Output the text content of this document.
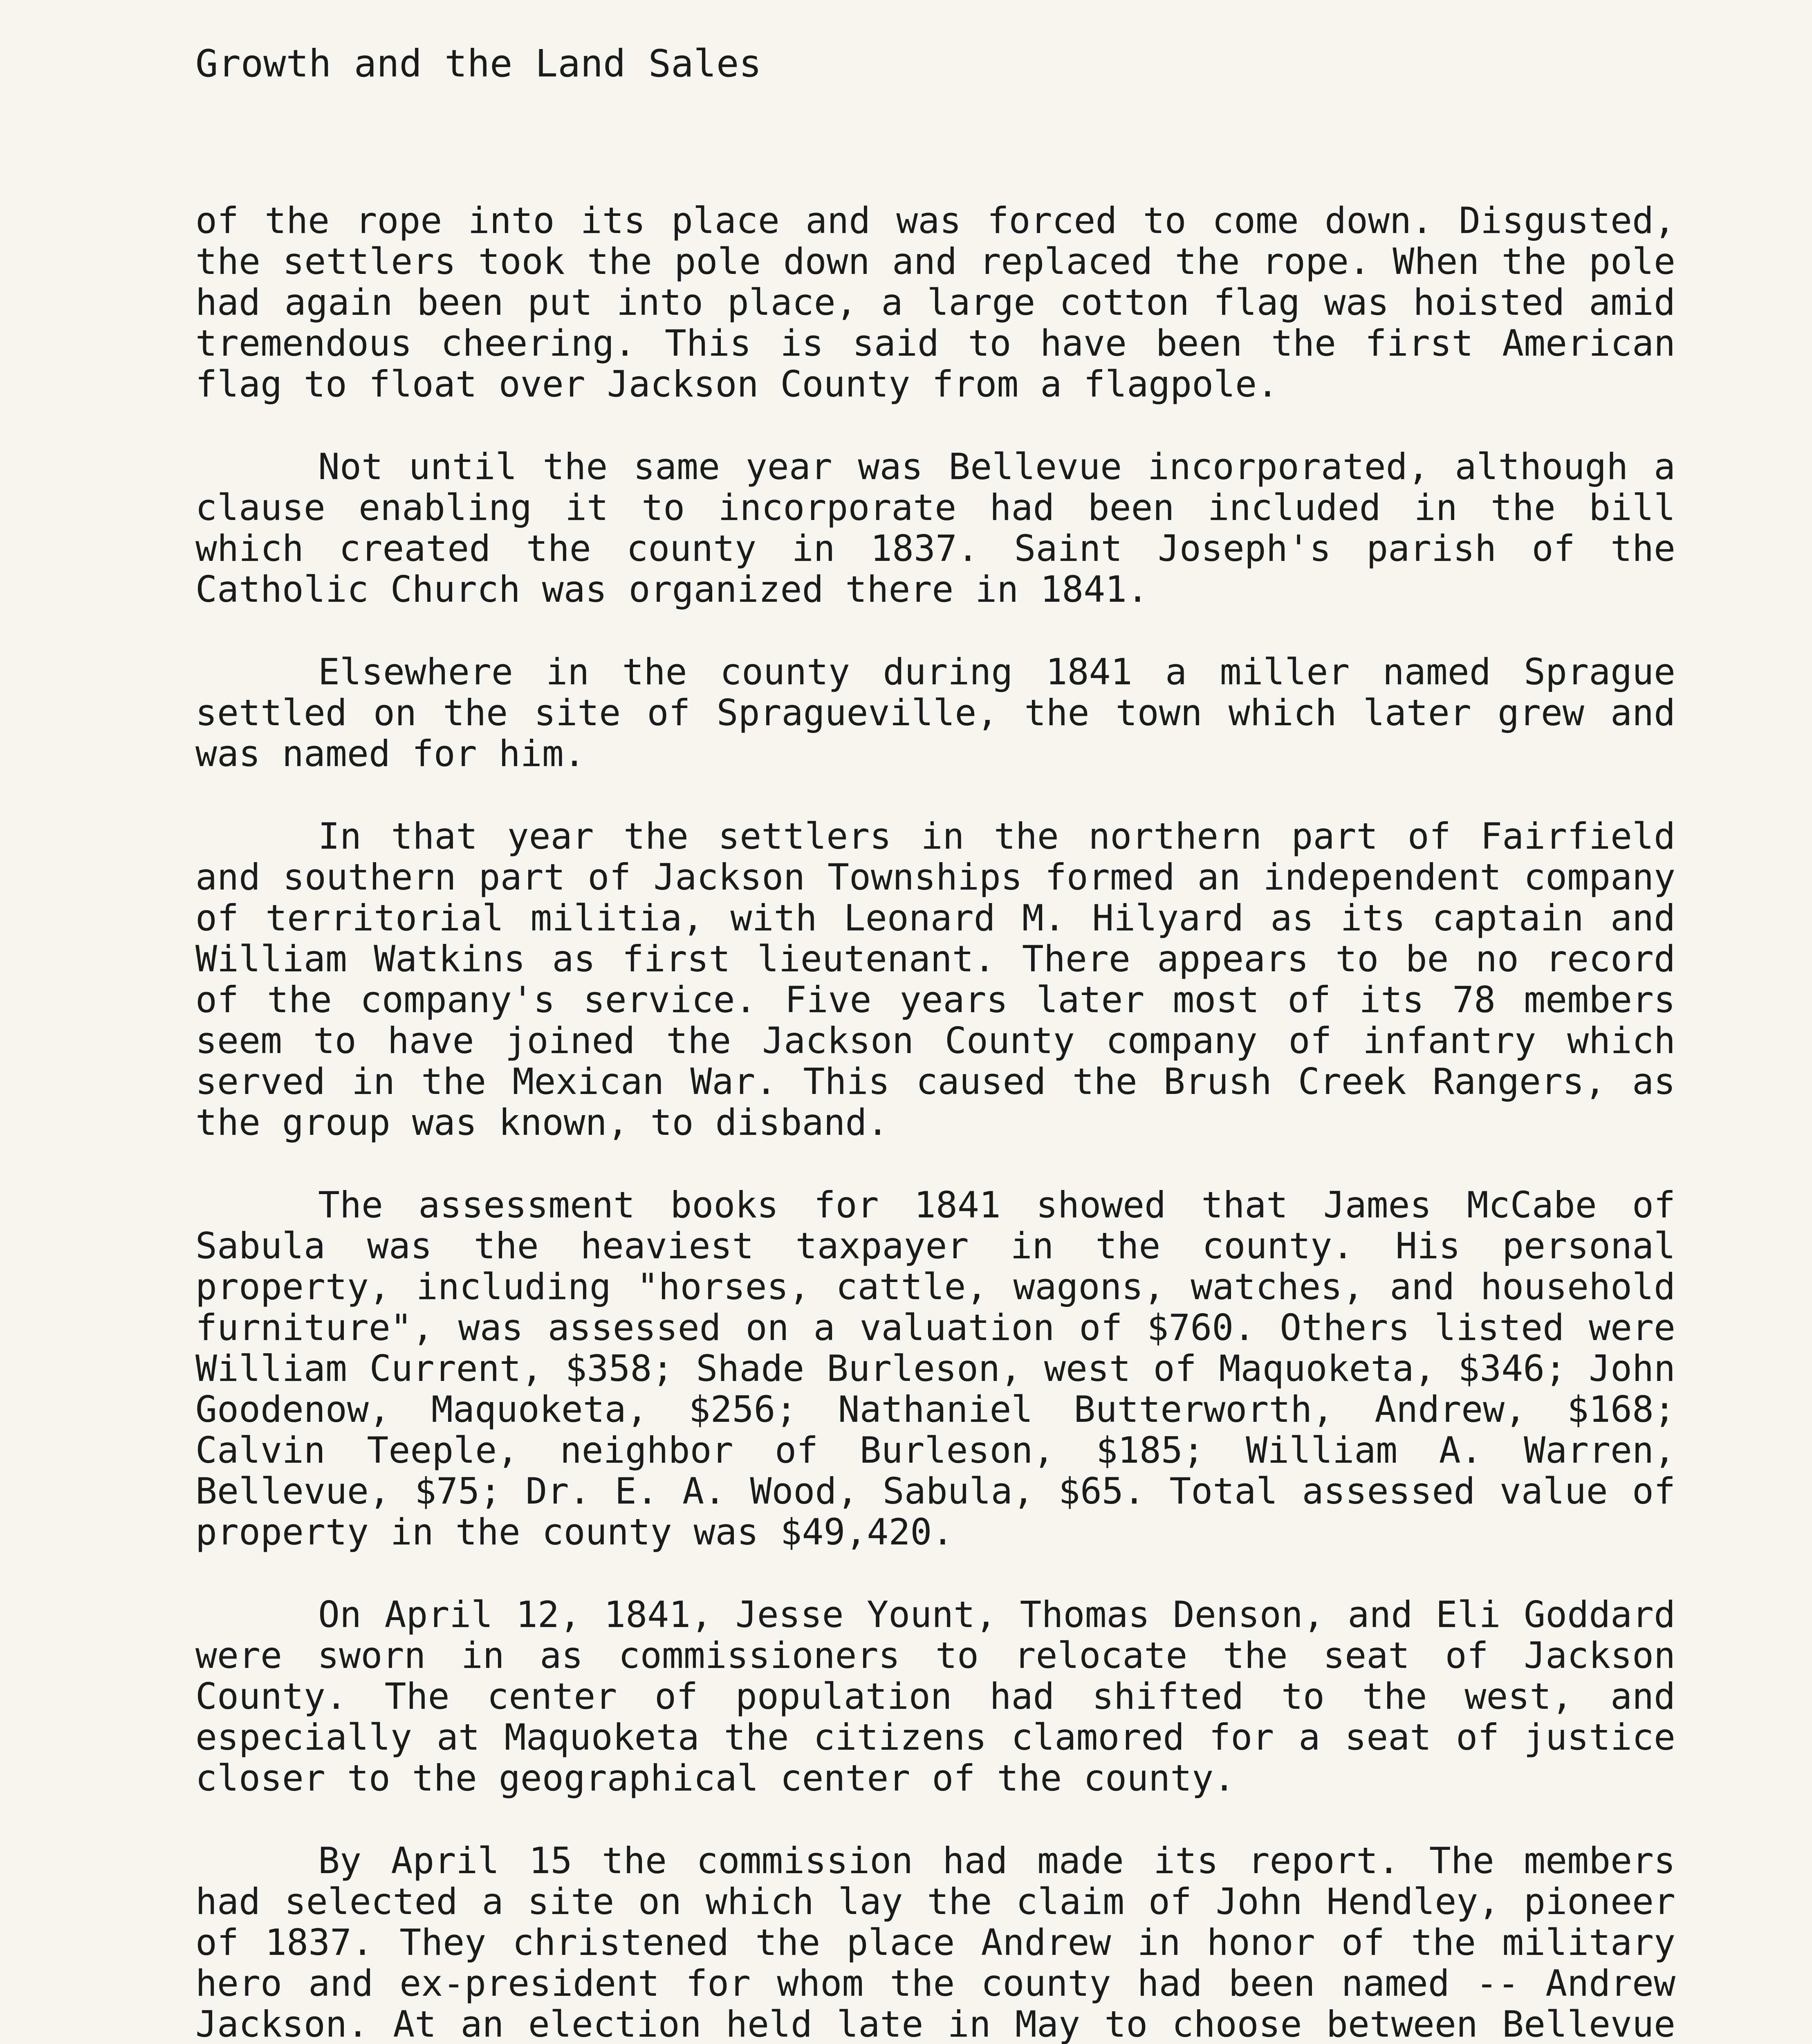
Growth and the Land Sales

of the rope into its place and was forced to come down. Disgusted, the settlers took the pole down and replaced the rope. When the pole had again been put into place, a large cotton flag was hoisted amid tremendous cheering. This is said to have been the first American flag to float over Jackson County from a flagpole.

Not until the same year was Bellevue incorporated, although a clause enabling it to incorporate had been included in the bill which created the county in 1837. Saint Joseph's parish of the Catholic Church was organized there in 1841.

Elsewhere in the county during 1841 a miller named Sprague settled on the site of Spragueville, the town which later grew and was named for him.

In that year the settlers in the northern part of Fairfield and southern part of Jackson Townships formed an independent company of territorial militia, with Leonard M. Hilyard as its captain and William Watkins as first lieutenant. There appears to be no record of the company's service. Five years later most of its 78 members seem to have joined the Jackson County company of infantry which served in the Mexican War. This caused the Brush Creek Rangers, as the group was known, to disband.

The assessment books for 1841 showed that James McCabe of Sabula was the heaviest taxpayer in the county. His personal property, including "horses, cattle, wagons, watches, and household furniture", was assessed on a valuation of $760. Others listed were William Current, $358; Shade Burleson, west of Maquoketa, $346; John Goodenow, Maquoketa, $256; Nathaniel Butterworth, Andrew, $168; Calvin Teeple, neighbor of Burleson, $185; William A. Warren, Bellevue, $75; Dr. E. A. Wood, Sabula, $65. Total assessed value of property in the county was $49,420.

On April 12, 1841, Jesse Yount, Thomas Denson, and Eli Goddard were sworn in as commissioners to relocate the seat of Jackson County. The center of population had shifted to the west, and especially at Maquoketa the citizens clamored for a seat of justice closer to the geographical center of the county.

By April 15 the commission had made its report. The members had selected a site on which lay the claim of John Hendley, pioneer of 1837. They christened the place Andrew in honor of the military hero and ex-president for whom the county had been named -- Andrew Jackson. At an election held late in May to choose between Bellevue
